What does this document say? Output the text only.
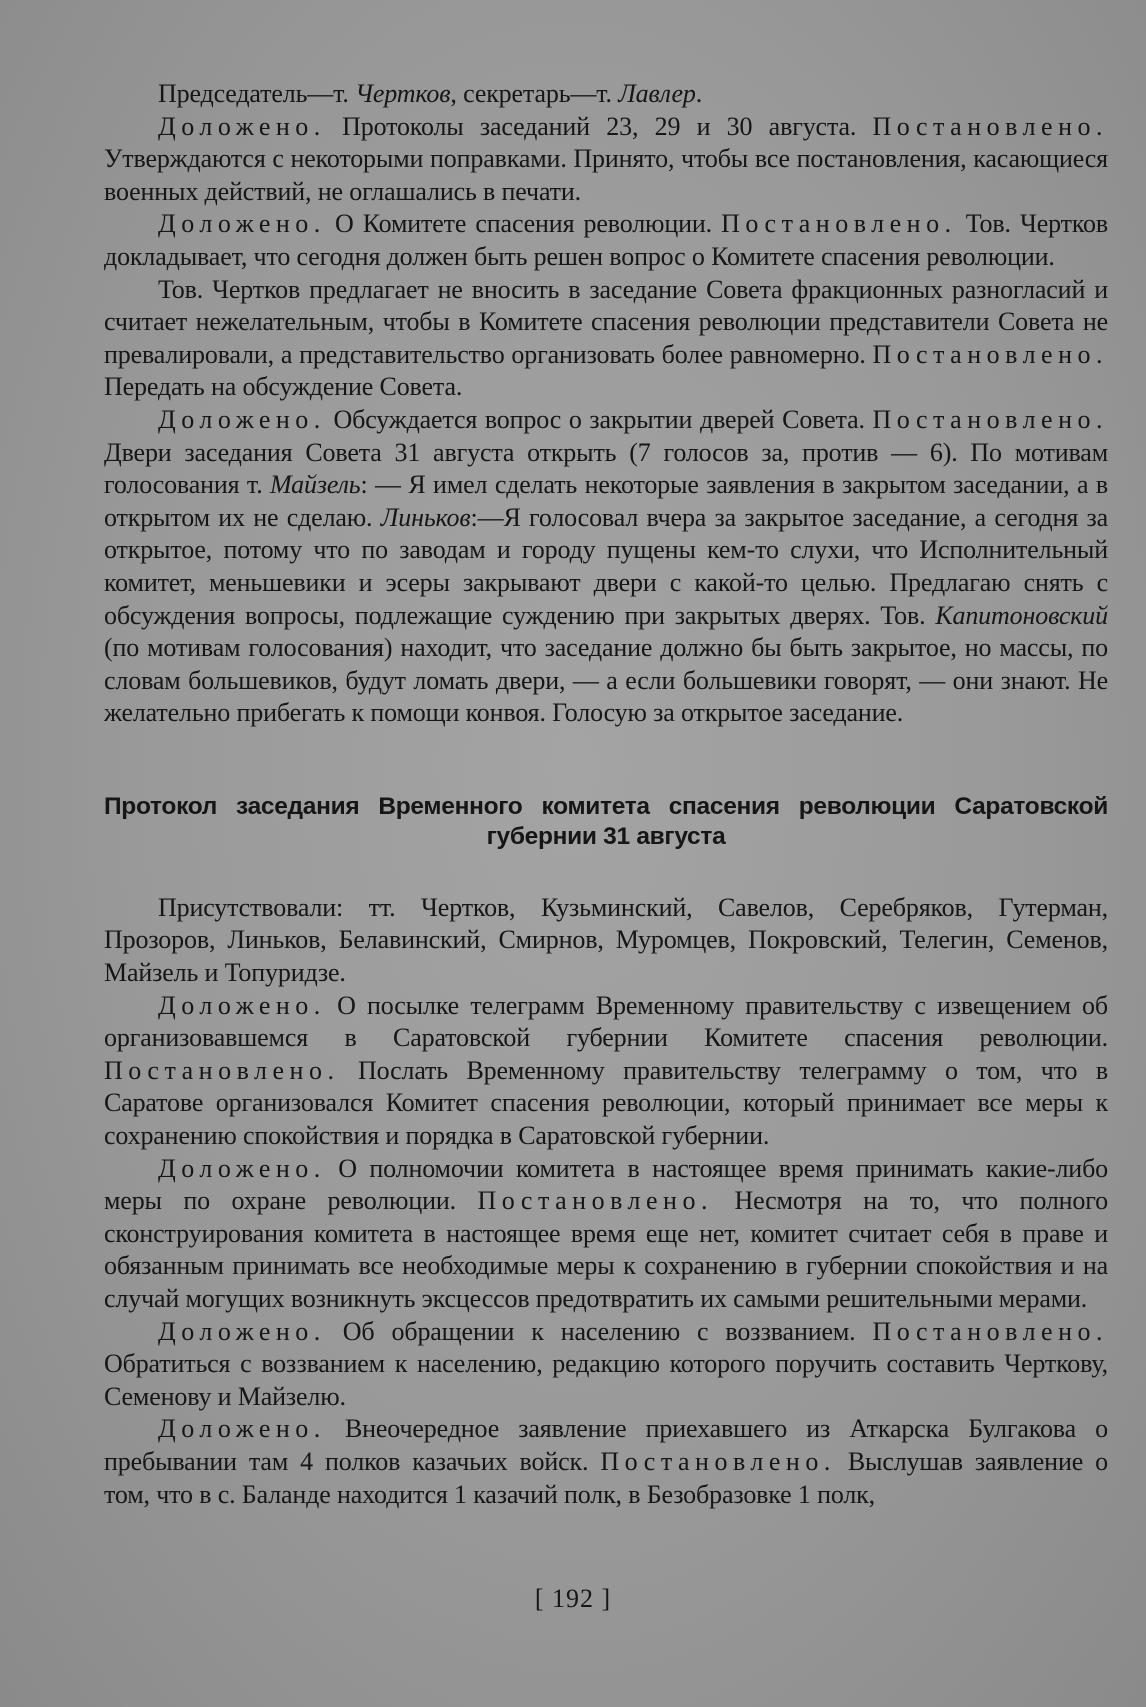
Председатель—т. Чертков, секретарь—т. Лавлер.

Доложено. Протоколы заседаний 23, 29 и 30 августа. Постановлено. Утверждаются с некоторыми поправками. Принято, чтобы все постановления, касающиеся военных действий, не оглашались в печати.

Доложено. О Комитете спасения революции. Постановлено. Тов. Чертков докладывает, что сегодня должен быть решен вопрос о Комитете спасения революции.

Тов. Чертков предлагает не вносить в заседание Совета фракционных разногласий и считает нежелательным, чтобы в Комитете спасения революции представители Совета не превалировали, а представительство организовать более равномерно. Постановлено. Передать на обсуждение Совета.

Доложено. Обсуждается вопрос о закрытии дверей Совета. Постановлено. Двери заседания Совета 31 августа открыть (7 голосов за, против — 6). По мотивам голосования т. Майзель: — Я имел сделать некоторые заявления в закрытом заседании, а в открытом их не сделаю. Линьков:—Я голосовал вчера за закрытое заседание, а сегодня за открытое, потому что по заводам и городу пущены кем-то слухи, что Исполнительный комитет, меньшевики и эсеры закрывают двери с какой-то целью. Предлагаю снять с обсуждения вопросы, подлежащие суждению при закрытых дверях. Тов. Капитоновский (по мотивам голосования) находит, что заседание должно бы быть закрытое, но массы, по словам большевиков, будут ломать двери, — а если большевики говорят, — они знают. Не желательно прибегать к помощи конвоя. Голосую за открытое заседание.

Протокол заседания Временного комитета спасения революции Саратовской
губернии 31 августа

Присутствовали: тт. Чертков, Кузьминский, Савелов, Серебряков, Гутерман, Прозоров, Линьков, Белавинский, Смирнов, Муромцев, Покровский, Телегин, Семенов, Майзель и Топуридзе.

Доложено. О посылке телеграмм Временному правительству с извещением об организовавшемся в Саратовской губернии Комитете спасения революции. Постановлено. Послать Временному правительству телеграмму о том, что в Саратове организовался Комитет спасения революции, который принимает все меры к сохранению спокойствия и порядка в Саратовской губернии.

Доложено. О полномочии комитета в настоящее время принимать какие-либо меры по охране революции. Постановлено. Несмотря на то, что полного сконструирования комитета в настоящее время еще нет, комитет считает себя в праве и обязанным принимать все необходимые меры к сохранению в губернии спокойствия и на случай могущих возникнуть эксцессов предотвратить их самыми решительными мерами.

Доложено. Об обращении к населению с воззванием. Постановлено. Обратиться с воззванием к населению, редакцию которого поручить составить Черткову, Семенову и Майзелю.

Доложено. Внеочередное заявление приехавшего из Аткарска Булгакова о пребывании там 4 полков казачьих войск. Постановлено. Выслушав заявление о том, что в с. Баланде находится 1 казачий полк, в Безобразовке 1 полк,

[ 192 ]
